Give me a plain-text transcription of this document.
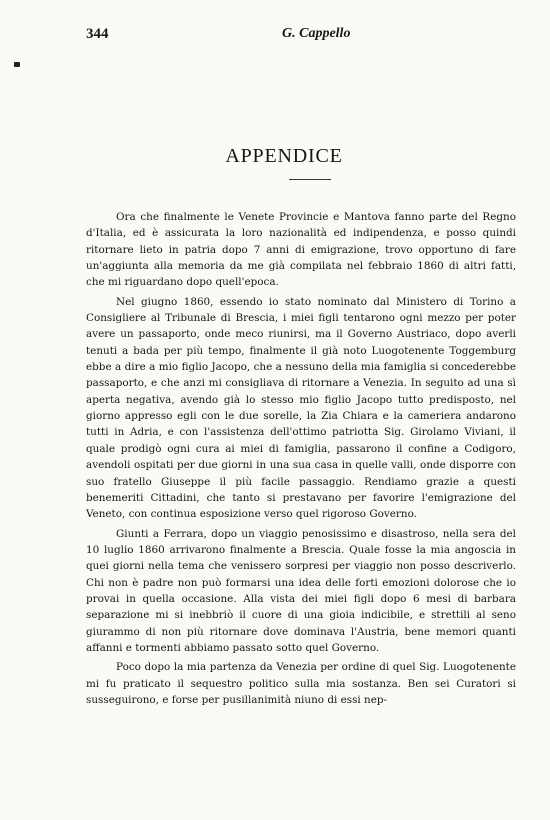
344	G. Cappello
APPENDICE

Ora che finalmente le Venete Provincie e Mantova fanno parte del Regno d'Italia, ed è assicurata la loro nazionalità ed indipendenza, e posso quindi ritornare lieto in patria dopo 7 anni di emigrazione, trovo opportuno di fare un'aggiunta alla memoria da me già compilata nel febbraio 1860 di altri fatti, che mi riguardano dopo quell'epoca.

Nel giugno 1860, essendo io stato nominato dal Ministero di Torino a Consigliere al Tribunale di Brescia, i miei figli tentarono ogni mezzo per poter avere un passaporto, onde meco riunirsi, ma il Governo Austriaco, dopo averli tenuti a bada per più tempo, finalmente il già noto Luogotenente Toggemburg ebbe a dire a mio figlio Jacopo, che a nessuno della mia famiglia si concederebbe passaporto, e che anzi mi consigliava di ritornare a Venezia. In seguito ad una sì aperta negativa, avendo già lo stesso mio figlio Jacopo tutto predisposto, nel giorno appresso egli con le due sorelle, la Zia Chiara e la cameriera andarono tutti in Adria, e con l'assistenza dell'ottimo patriotta Sig. Girolamo Viviani, il quale prodigò ogni cura ai miei di famiglia, passarono il confine a Codigoro, avendoli ospitati per due giorni in una sua casa in quelle valli, onde disporre con suo fratello Giuseppe il più facile passaggio. Rendiamo grazie a questi benemeriti Cittadini, che tanto si prestavano per favorire l'emigrazione del Veneto, con continua esposizione verso quel rigoroso Governo.

Giunti a Ferrara, dopo un viaggio penosissimo e disastroso, nella sera del 10 luglio 1860 arrivarono finalmente a Brescia. Quale fosse la mia angoscia in quei giorni nella tema che venissero sorpresi per viaggio non posso descriverlo. Chi non è padre non può formarsi una idea delle forti emozioni dolorose che io provai in quella occasione. Alla vista dei miei figli dopo 6 mesi di barbara separazione mi si inebbriò il cuore di una gioia indicibile, e strettili al seno giurammo di non più ritornare dove dominava l'Austria, bene memori quanti affanni e tormenti abbiamo passato sotto quel Governo.

Poco dopo la mia partenza da Venezia per ordine di quel Sig. Luogotenente mi fu praticato il sequestro politico sulla mia sostanza. Ben sei Curatori si susseguirono, e forse per pusillanimità niuno di essi nep-
